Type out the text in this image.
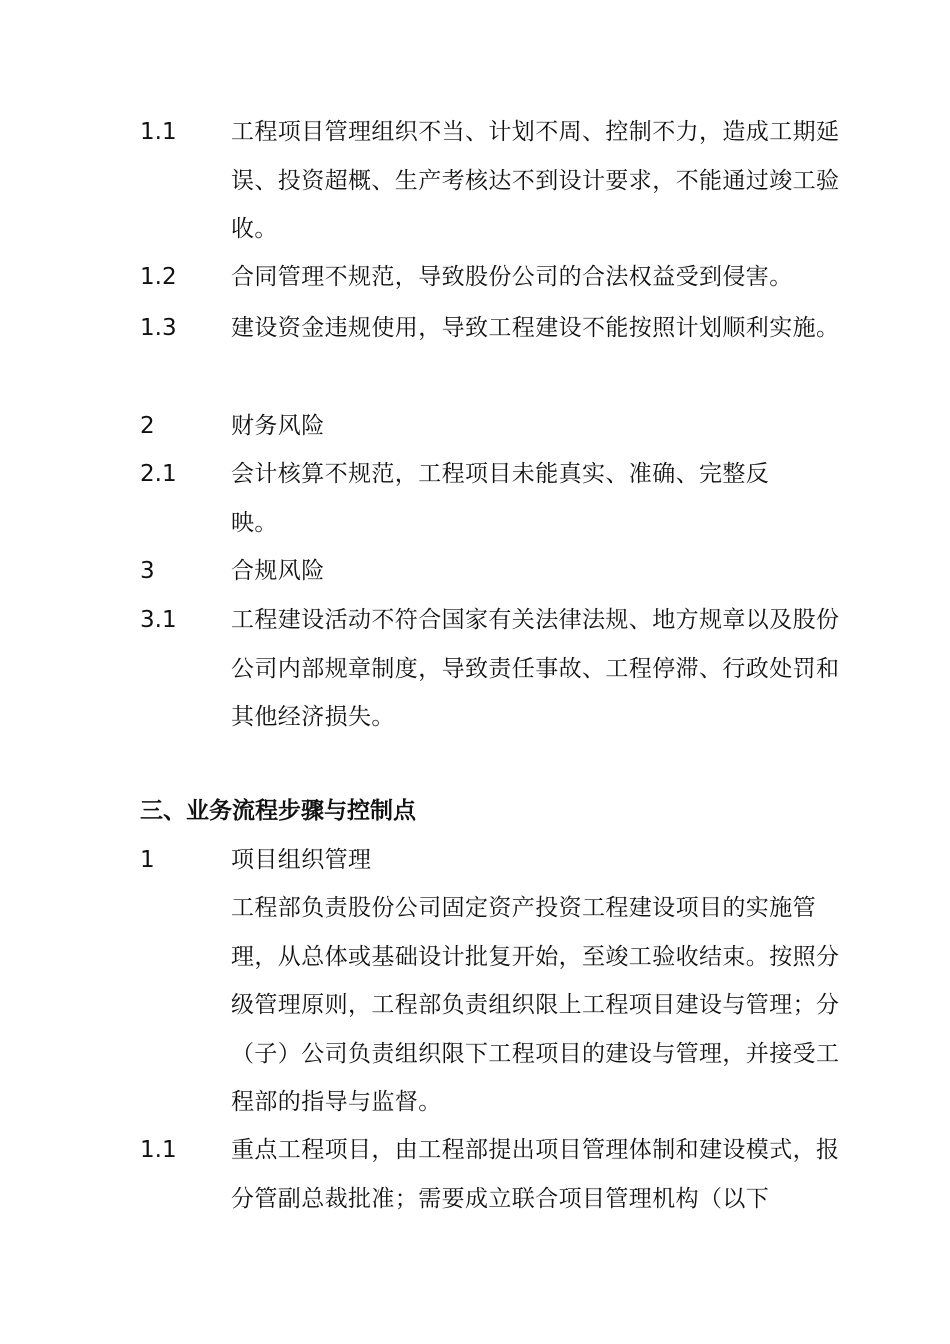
1.1 工程项目管理组织不当、计划不周、控制不力，造成工期延误、投资超概、生产考核达不到设计要求，不能通过竣工验收。
1.2 合同管理不规范，导致股份公司的合法权益受到侵害。
1.3 建设资金违规使用，导致工程建设不能按照计划顺利实施。
2	财务风险
2.1 会计核算不规范，工程项目未能真实、准确、完整反映。
3	合规风险
3.1 工程建设活动不符合国家有关法律法规、地方规章以及股份公司内部规章制度，导致责任事故、工程停滞、行政处罚和其他经济损失。
三、业务流程步骤与控制点
1	项目组织管理
工程部负责股份公司固定资产投资工程建设项目的实施管理，从总体或基础设计批复开始，至竣工验收结束。按照分级管理原则，工程部负责组织限上工程项目建设与管理；分（子）公司负责组织限下工程项目的建设与管理，并接受工程部的指导与监督。
1.1 重点工程项目，由工程部提出项目管理体制和建设模式，报分管副总裁批准；需要成立联合项目管理机构（以下
